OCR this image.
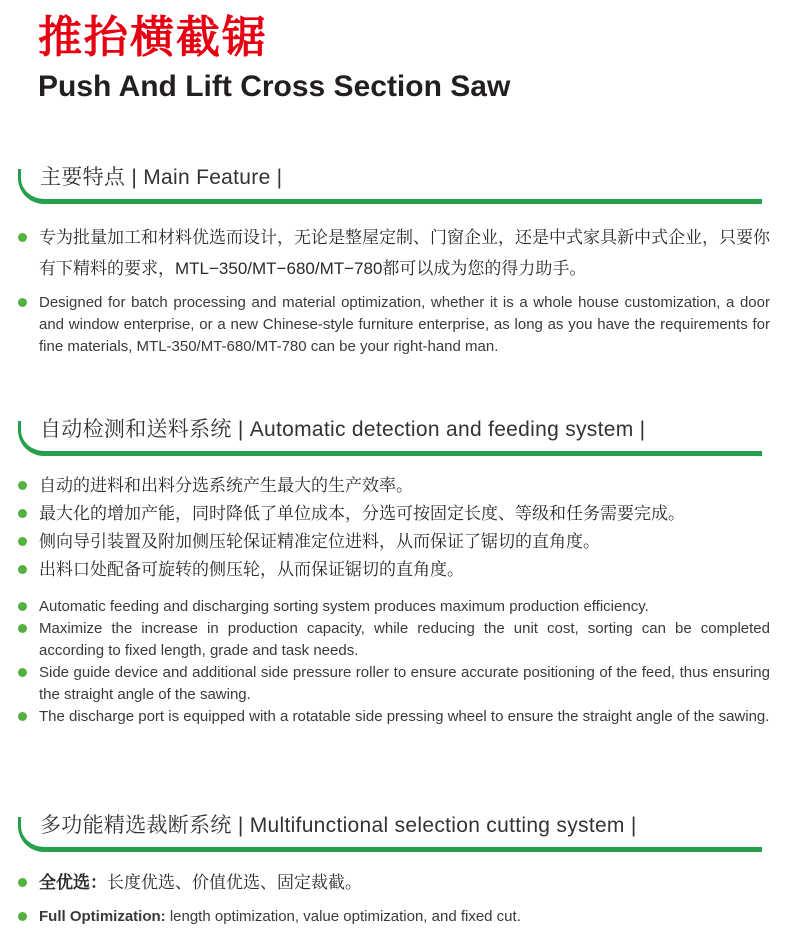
推抬横截锯
Push And Lift Cross Section Saw
主要特点 | Main Feature |
专为批量加工和材料优选而设计，无论是整屋定制、门窗企业，还是中式家具新中式企业，只要你有下精料的要求，MTL−350/MT−680/MT−780都可以成为您的得力助手。
Designed for batch processing and material optimization, whether it is a whole house customization, a door and window enterprise, or a new Chinese-style furniture enterprise, as long as you have the requirements for fine materials, MTL-350/MT-680/MT-780 can be your right-hand man.
自动检测和送料系统 | Automatic detection and feeding system |
自动的进料和出料分选系统产生最大的生产效率。
最大化的增加产能，同时降低了单位成本，分选可按固定长度、等级和任务需要完成。
侧向导引装置及附加侧压轮保证精准定位进料，从而保证了锯切的直角度。
出料口处配备可旋转的侧压轮，从而保证锯切的直角度。
Automatic feeding and discharging sorting system produces maximum production efficiency.
Maximize the increase in production capacity, while reducing the unit cost, sorting can be completed according to fixed length, grade and task needs.
Side guide device and additional side pressure roller to ensure accurate positioning of the feed, thus ensuring the straight angle of the sawing.
The discharge port is equipped with a rotatable side pressing wheel to ensure the straight angle of the sawing.
多功能精选裁断系统 | Multifunctional selection cutting system |
全优选：长度优选、价值优选、固定裁截。
Full Optimization: length optimization, value optimization, and fixed cut.
